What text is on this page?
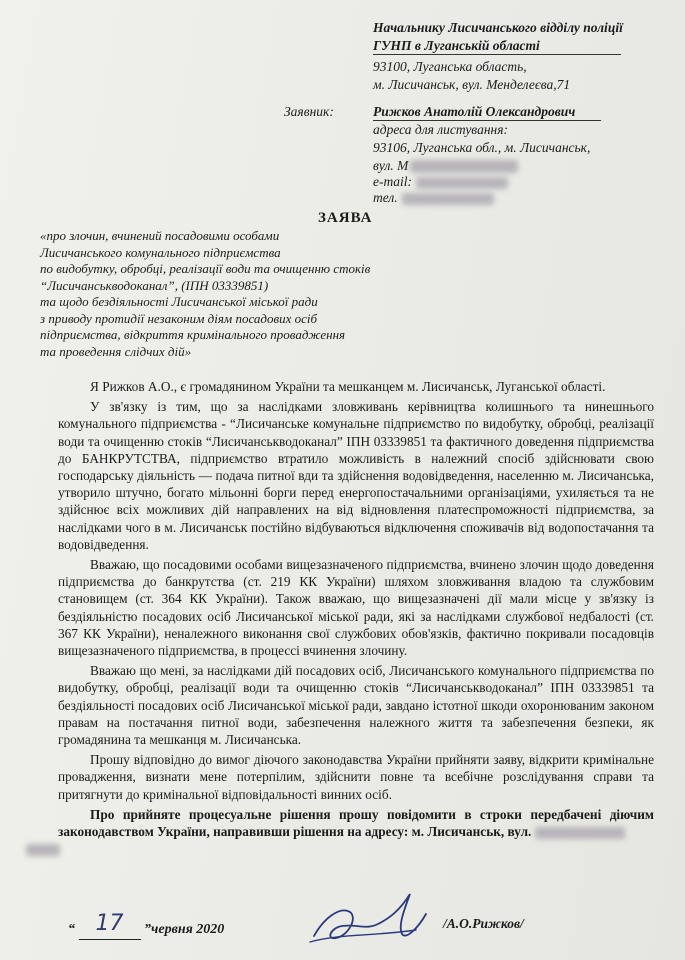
Начальнику Лисичанського відділу поліції
ГУНП в Луганській області
93100, Луганська область,
м. Лисичанськ, вул. Менделеєва,71
Заявник:	Рижков Анатолій Олександрович
адреса для листування:
93106, Луганська обл., м. Лисичанськ,
вул. М
e-mail:
тел.
ЗАЯВА
«про злочин, вчинений посадовими особами
Лисичанського комунального підприємства
по видобутку, обробці, реалізації води та очищенню стоків
“Лисичанськводоканал”, (ІПН 03339851)
та щодо бездіяльності Лисичанської міської ради
з приводу протидії незаконим діям посадових осіб
підприємства, відкриття кримінального провадження
та проведення слідчих дій»

Я Рижков А.О., є громадянином України та мешканцем м. Лисичанськ, Луганської області.

У зв'язку із тим, що за наслідками зловживань керівництва колишнього та нинешнього комунального підприємства - “Лисичанське комунальне підприємство по видобутку, обробці, реалізації води та очищенню стоків “Лисичанськводоканал” ІПН 03339851 та фактичного доведення підприємства до БАНКРУТСТВА, підприємство втратило можливість в належний спосіб здійснювати свою господарську діяльність — подача питної вди та здійснення водовідведення, населенню м. Лисичанська, утворило штучно, богато мільонні борги перед енергопостачальними організаціями, ухиляється та не здійснює всіх можливих дій направлених на від відновлення платеспроможності підприємства, за наслідками чого в м. Лисичанськ постійно відбуваються відключення споживачів від водопостачання та водовідведення.

Вважаю, що посадовими особами вищезазначеного підприємства, вчинено злочин щодо доведення підприємства до банкрутства (ст. 219 КК України) шляхом зловживання владою та службовим становищем (ст. 364 КК України). Також вважаю, що вищезазначені дії мали місце у зв'язку із бездіяльністю посадових осіб Лисичанської міської ради, які за наслідками службової недбалості (ст. 367 КК України), неналежного виконання свої службових обов'язків, фактично покривали посадовців вищезазначеного підприємства, в процессі вчинення злочину.

Вважаю що мені, за наслідками дій посадових осіб, Лисичанського комунального підприємства по видобутку, обробці, реалізації води та очищенню стоків “Лисичанськводоканал” ІПН 03339851 та бездіяльності посадових осіб Лисичанської міської ради, завдано істотної шкоди охоронюваним законом правам на постачання питної води, забезпечення належного життя та забезпечення безпеки, як громадянина та мешканця м. Лисичанська.

Прошу відповідно до вимог діючого законодавства України прийняти заяву, відкрити кримінальне провадження, визнати мене потерпілим, здійснити повне та всебічне розслідування справи та притягнути до кримінальної відповідальності винних осіб.

Про прийняте процесуальне рішення прошу повідомити в строки передбачені діючим законодавством України, направивши рішення на адресу: м. Лисичанськ, вул.

“ 17 ”червня 2020	/А.О.Рижков/
